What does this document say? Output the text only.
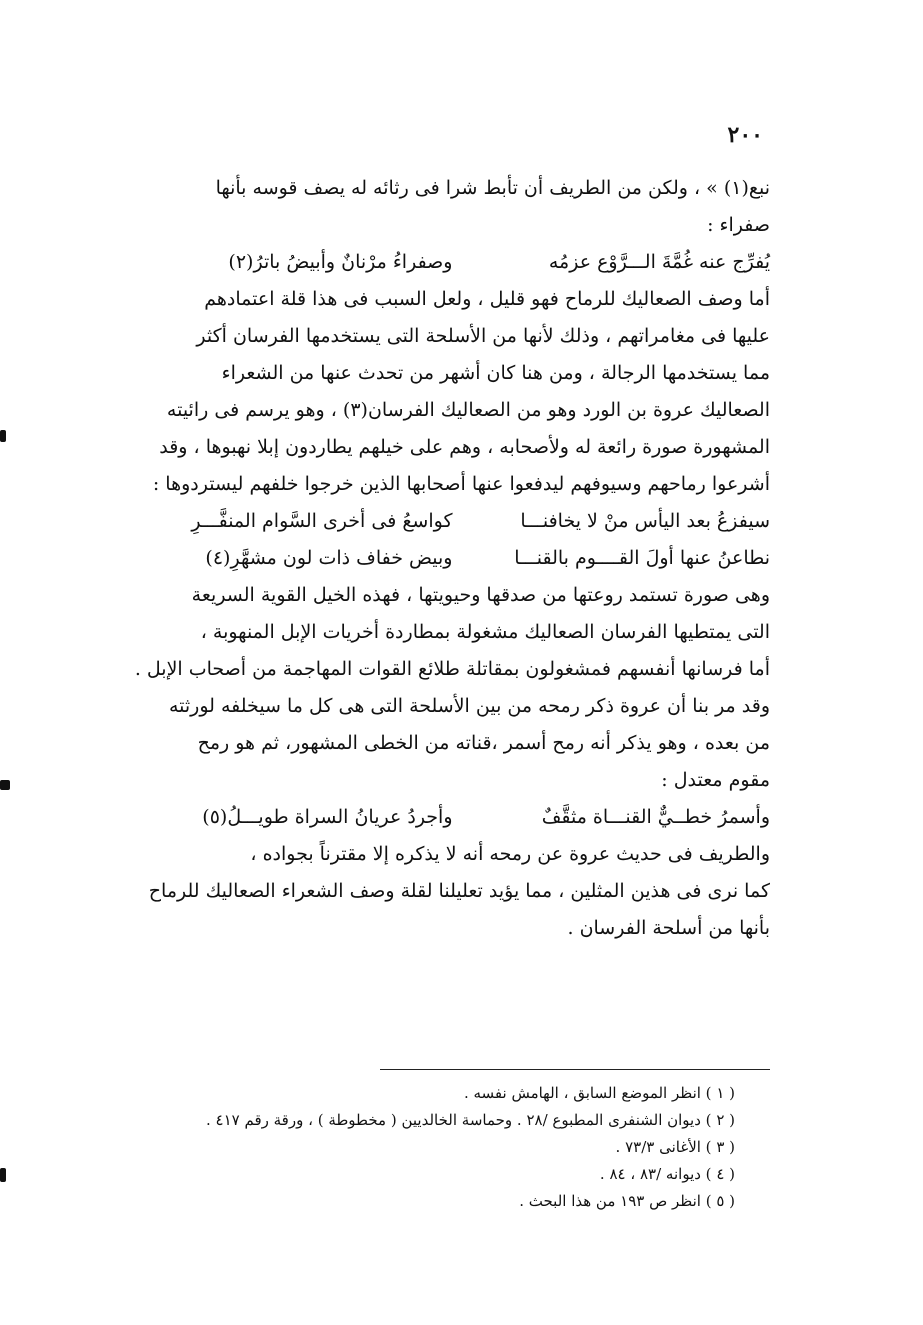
٢٠٠
نبع(١) » ، ولكن من الطريف أن تأبط شرا فى رثائه له يصف قوسه بأنها
صفراء :
يُفرِّج عنه غُمَّةَ الـــرَّوْع عزمُه
وصفراءُ مرْنانٌ وأبيضُ باترُ(٢)
أما وصف الصعاليك للرماح فهو قليل ، ولعل السبب فى هذا قلة اعتمادهم
عليها فى مغامراتهم ، وذلك لأنها من الأسلحة التى يستخدمها الفرسان أكثر
مما يستخدمها الرجالة ، ومن هنا كان أشهر من تحدث عنها من الشعراء
الصعاليك عروة بن الورد وهو من الصعاليك الفرسان(٣) ، وهو يرسم فى رائيته
المشهورة صورة رائعة له ولأصحابه ، وهم على خيلهم يطاردون إبلا نهبوها ، وقد
أشرعوا رماحهم وسيوفهم ليدفعوا عنها أصحابها الذين خرجوا خلفهم ليستردوها :
سيفزعُ بعد اليأس منْ لا يخافنـــا
كواسعُ فى أخرى السَّوام المنفَّـــرِ
نطاعنُ عنها أولَ القــــوم بالقنـــا
وبيض خفاف ذات لون مشهَّرِ(٤)
وهى صورة تستمد روعتها من صدقها وحيويتها ، فهذه الخيل القوية السريعة
التى يمتطيها الفرسان الصعاليك مشغولة بمطاردة أخريات الإبل المنهوبة ،
أما فرسانها أنفسهم فمشغولون بمقاتلة طلائع القوات المهاجمة من أصحاب الإبل .
وقد مر بنا أن عروة ذكر رمحه من بين الأسلحة التى هى كل ما سيخلفه لورثته
من بعده ، وهو يذكر أنه رمح أسمر ،قناته من الخطى المشهور، ثم هو رمح
مقوم معتدل :
وأسمرُ خطــيٌّ القنـــاة مثقَّفٌ
وأجردُ عريانُ السراة طويـــلُ(٥)
والطريف فى حديث عروة عن رمحه أنه لا يذكره إلا مقترناً بجواده ،
كما نرى فى هذين المثلين ، مما يؤيد تعليلنا لقلة وصف الشعراء الصعاليك للرماح
بأنها من أسلحة الفرسان .
( ١ ) انظر الموضع السابق ، الهامش نفسه .
( ٢ ) ديوان الشنفرى المطبوع /٢٨ . وحماسة الخالديين ( مخطوطة ) ، ورقة رقم ٤١٧ .
( ٣ ) الأغانى ٧٣/٣ .
( ٤ ) ديوانه /٨٣ ، ٨٤ .
( ٥ ) انظر ص ١٩٣ من هذا البحث .
